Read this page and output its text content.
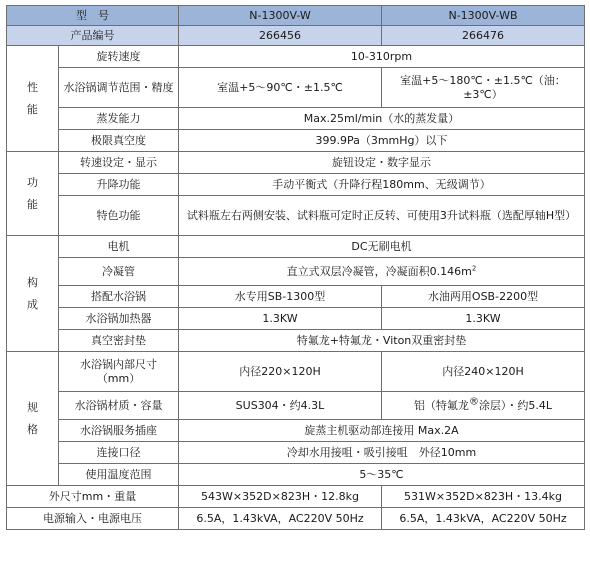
型　号		N-1300V-W	N-1300V-WB
产品编号		266456	266476
性
能	旋转速度	10-310rpm	
	水浴锅调节范围・精度	室温+5～90℃・±1.5℃	室温+5～180℃・±1.5℃（油：±3℃）
	蒸发能力	Max.25ml/min（水的蒸发量）	
	极限真空度	399.9Pa（3mmHg）以下	
功
能	转速设定・显示	旋钮设定・数字显示	
	升降功能	手动平衡式（升降行程180mm、无级调节）	
	特色功能	试料瓶左右两侧安装、试料瓶可定时正反转、可使用3升试料瓶（选配厚轴H型）	
构
成	电机	DC无刷电机	
	冷凝管	直立式双层冷凝管，冷凝面积$0.146m^2$
	搭配水浴锅	水专用SB-1300型	水油两用OSB-2200型
	水浴锅加热器	1.3KW	1.3KW
	真空密封垫	特氟龙+特氟龙・Viton双重密封垫	
规
格	水浴锅内部尺寸（mm）	内径220×120H	内径240×120H
	水浴锅材质・容量	SUS304・约4.3L	铝（特氟龙®涂层）・约5.4L
	水浴锅服务插座	旋蒸主机驱动部连接用 Max.2A	
	连接口径	冷却水用接咀・吸引接咀　外径10mm	
	使用温度范围	5～35℃	
外尺寸mm・重量		543W×352D×823H・12.8kg	531W×352D×823H・13.4kg
电源输入・电源电压		6.5A，1.43kVA，AC220V 50Hz	6.5A，1.43kVA，AC220V 50Hz
